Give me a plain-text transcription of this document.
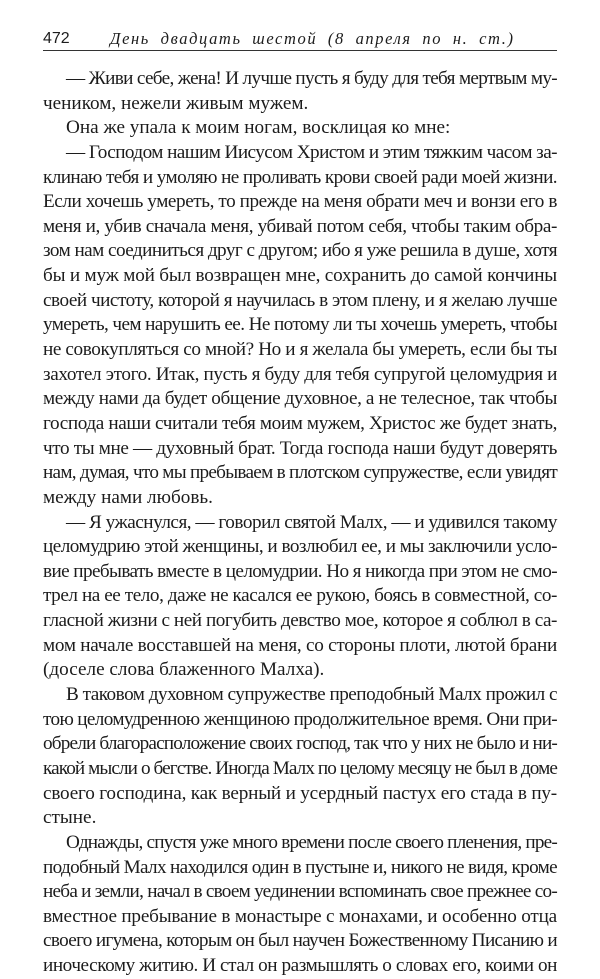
472 День двадцать шестой (8 апреля по н. ст.)
— Живи себе, жена! И лучше пусть я буду для тебя мертвым му-
чеником, нежели живым мужем.
Она же упала к моим ногам, восклицая ко мне:
— Господом нашим Иисусом Христом и этим тяжким часом за-
клинаю тебя и умоляю не проливать крови своей ради моей жизни.
Если хочешь умереть, то прежде на меня обрати меч и вонзи его в
меня и, убив сначала меня, убивай потом себя, чтобы таким обра-
зом нам соединиться друг с другом; ибо я уже решила в душе, хотя
бы и муж мой был возвращен мне, сохранить до самой кончины
своей чистоту, которой я научилась в этом плену, и я желаю лучше
умереть, чем нарушить ее. Не потому ли ты хочешь умереть, чтобы
не совокупляться со мной? Но и я желала бы умереть, если бы ты
захотел этого. Итак, пусть я буду для тебя супругой целомудрия и
между нами да будет общение духовное, а не телесное, так чтобы
господа наши считали тебя моим мужем, Христос же будет знать,
что ты мне — духовный брат. Тогда господа наши будут доверять
нам, думая, что мы пребываем в плотском супружестве, если увидят
между нами любовь.
— Я ужаснулся, — говорил святой Малх, — и удивился такому
целомудрию этой женщины, и возлюбил ее, и мы заключили усло-
вие пребывать вместе в целомудрии. Но я никогда при этом не смо-
трел на ее тело, даже не касался ее рукою, боясь в совместной, со-
гласной жизни с ней погубить девство мое, которое я соблюл в са-
мом начале восставшей на меня, со стороны плоти, лютой брани
(доселе слова блаженного Малха).
В таковом духовном супружестве преподобный Малх прожил с
тою целомудренною женщиною продолжительное время. Они при-
обрели благорасположение своих господ, так что у них не было и ни-
какой мысли о бегстве. Иногда Малх по целому месяцу не был в доме
своего господина, как верный и усердный пастух его стада в пу-
стыне.
Однажды, спустя уже много времени после своего пленения, пре-
подобный Малх находился один в пустыне и, никого не видя, кроме
неба и земли, начал в своем уединении вспоминать свое прежнее со-
вместное пребывание в монастыре с монахами, и особенно отца
своего игумена, которым он был научен Божественному Писанию и
иноческому житию. И стал он размышлять о словах его, коими он
